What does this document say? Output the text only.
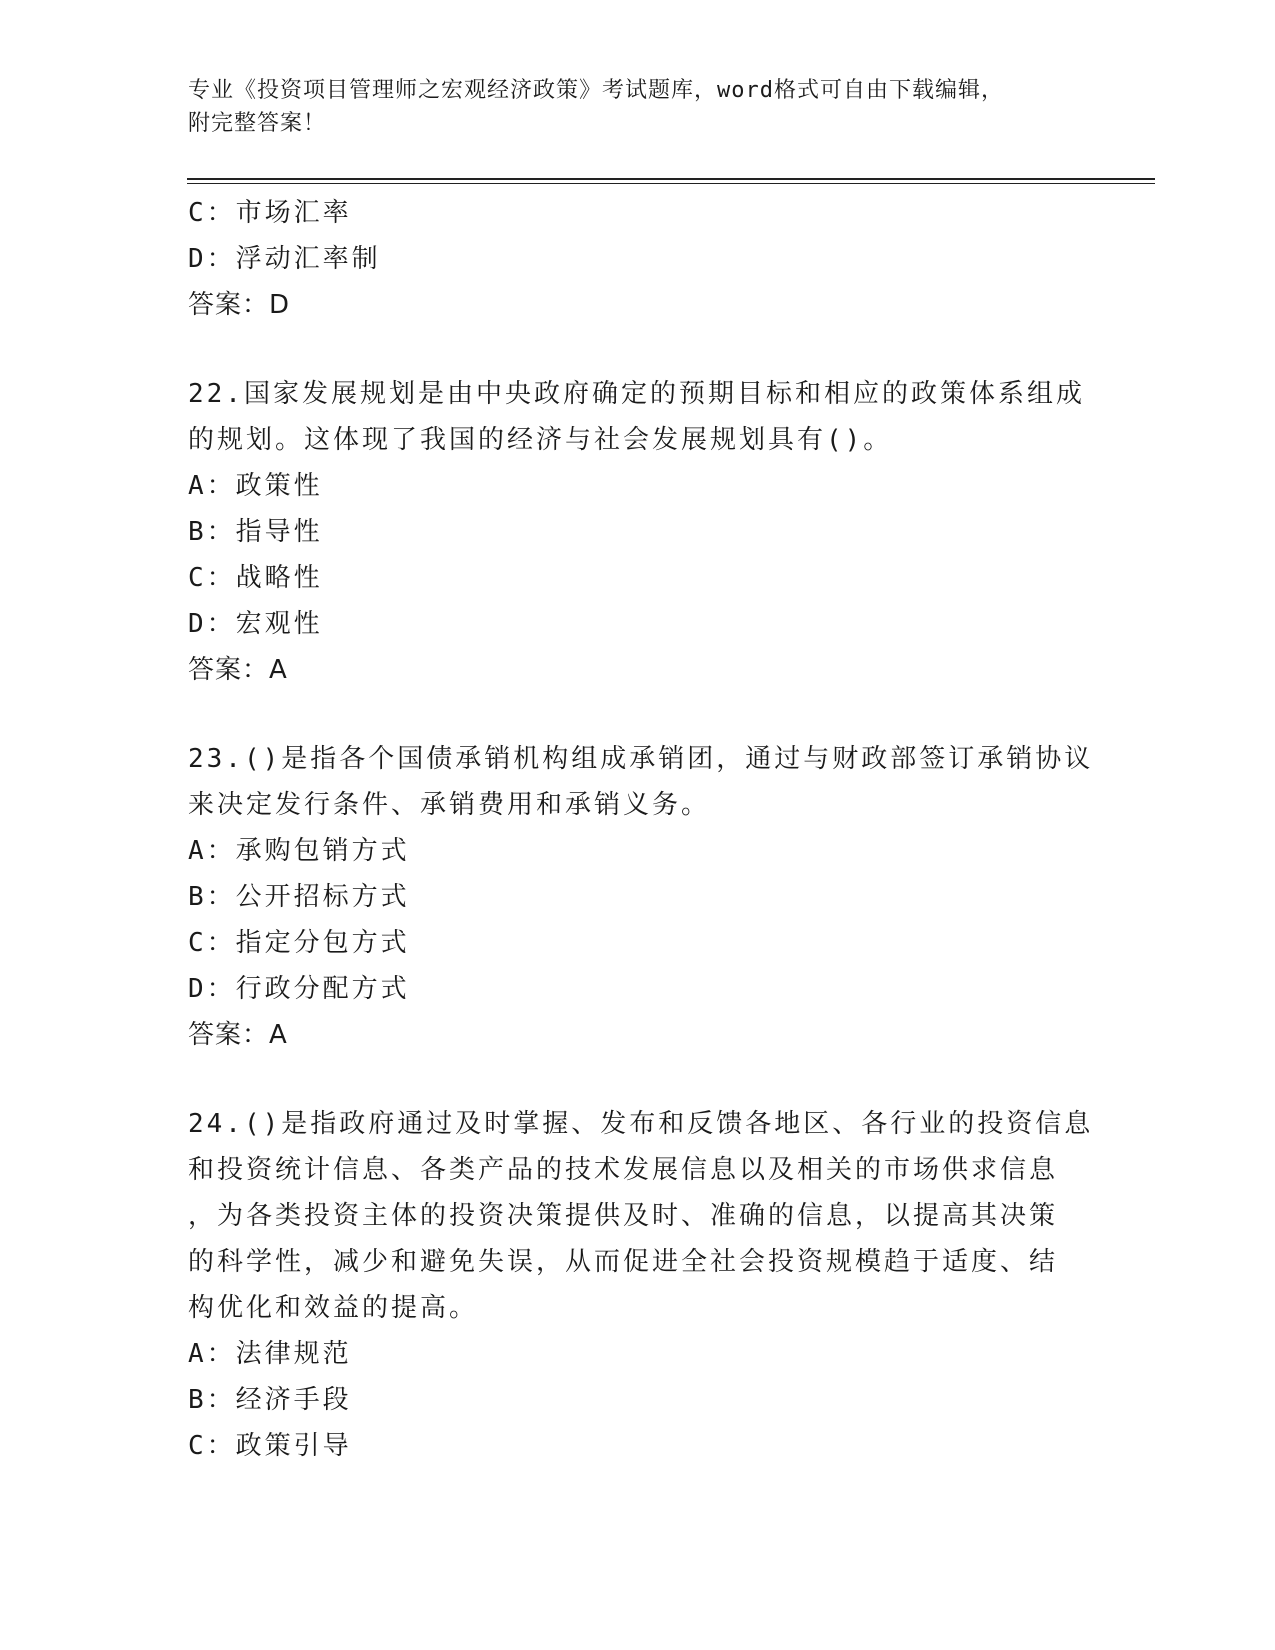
专业《投资项目管理师之宏观经济政策》考试题库，word格式可自由下载编辑，
附完整答案！
C：市场汇率
D：浮动汇率制
答案：D
22.国家发展规划是由中央政府确定的预期目标和相应的政策体系组成
的规划。这体现了我国的经济与社会发展规划具有()。
A：政策性
B：指导性
C：战略性
D：宏观性
答案：A
23.()是指各个国债承销机构组成承销团，通过与财政部签订承销协议
来决定发行条件、承销费用和承销义务。
A：承购包销方式
B：公开招标方式
C：指定分包方式
D：行政分配方式
答案：A
24.()是指政府通过及时掌握、发布和反馈各地区、各行业的投资信息
和投资统计信息、各类产品的技术发展信息以及相关的市场供求信息
，为各类投资主体的投资决策提供及时、准确的信息，以提高其决策
的科学性，减少和避免失误，从而促进全社会投资规模趋于适度、结
构优化和效益的提高。
A：法律规范
B：经济手段
C：政策引导
